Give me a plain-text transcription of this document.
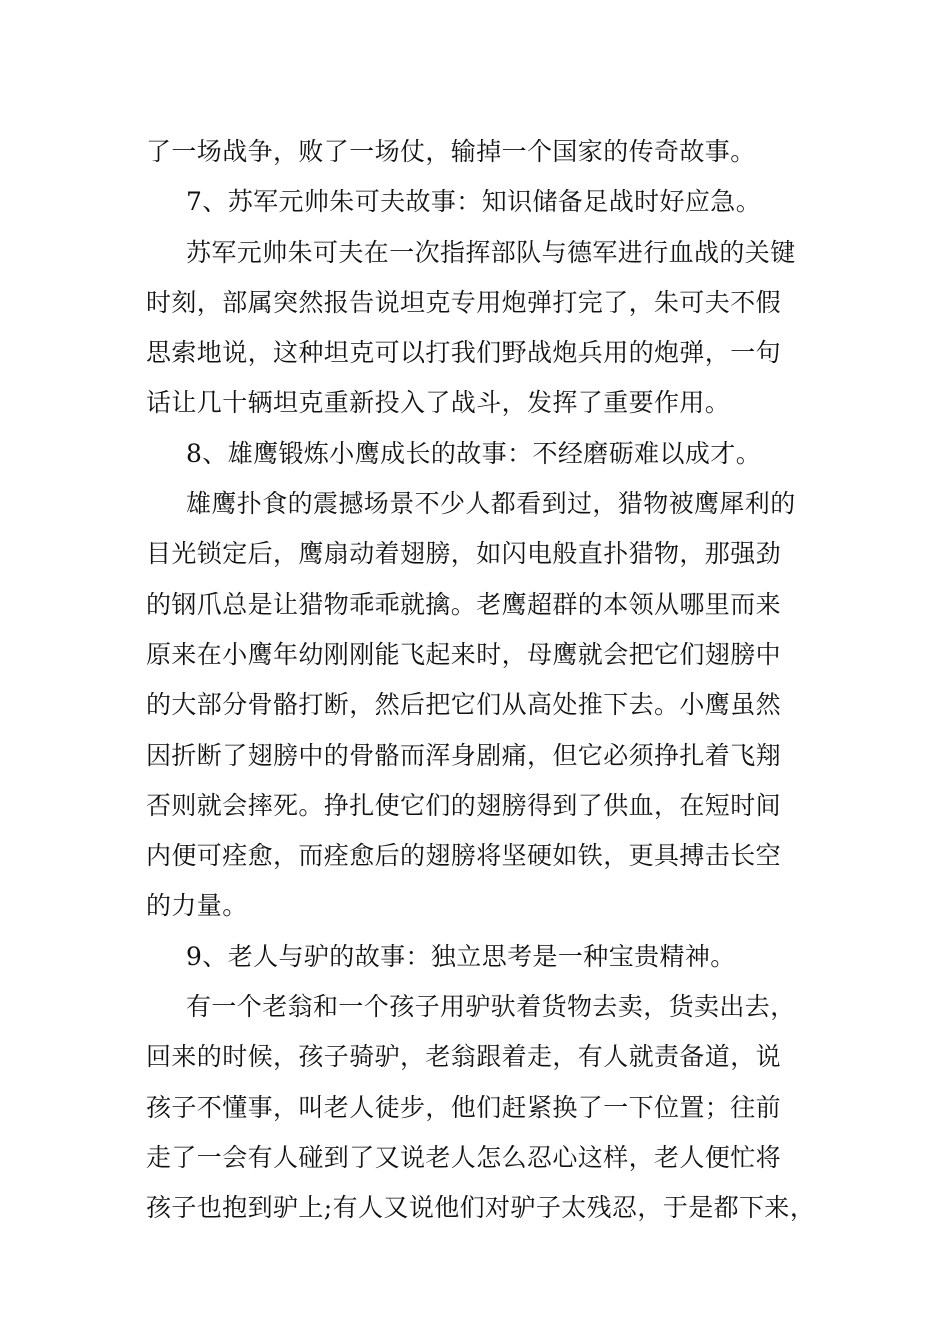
了一场战争，败了一场仗，输掉一个国家的传奇故事。
7、苏军元帅朱可夫故事：知识储备足战时好应急。
苏军元帅朱可夫在一次指挥部队与德军进行血战的关键
时刻，部属突然报告说坦克专用炮弹打完了，朱可夫不假
思索地说，这种坦克可以打我们野战炮兵用的炮弹，一句
话让几十辆坦克重新投入了战斗，发挥了重要作用。
8、雄鹰锻炼小鹰成长的故事：不经磨砺难以成才。
雄鹰扑食的震撼场景不少人都看到过，猎物被鹰犀利的
目光锁定后，鹰扇动着翅膀，如闪电般直扑猎物，那强劲
的钢爪总是让猎物乖乖就擒。老鹰超群的本领从哪里而来
原来在小鹰年幼刚刚能飞起来时，母鹰就会把它们翅膀中
的大部分骨骼打断，然后把它们从高处推下去。小鹰虽然
因折断了翅膀中的骨骼而浑身剧痛，但它必须挣扎着飞翔
否则就会摔死。挣扎使它们的翅膀得到了供血，在短时间
内便可痊愈，而痊愈后的翅膀将坚硬如铁，更具搏击长空
的力量。
9、老人与驴的故事：独立思考是一种宝贵精神。
有一个老翁和一个孩子用驴驮着货物去卖，货卖出去，
回来的时候，孩子骑驴，老翁跟着走，有人就责备道，说
孩子不懂事，叫老人徒步，他们赶紧换了一下位置；往前
走了一会有人碰到了又说老人怎么忍心这样，老人便忙将
孩子也抱到驴上;有人又说他们对驴子太残忍，于是都下来，
